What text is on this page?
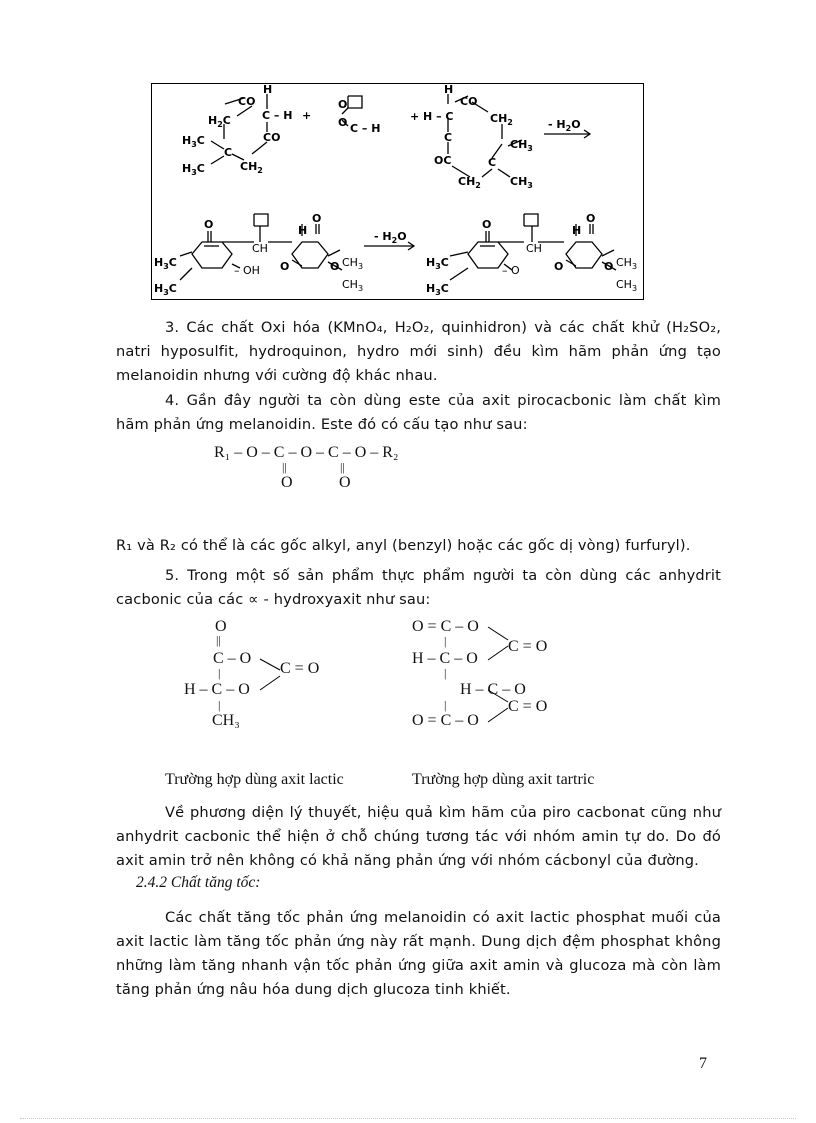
H
CO
$H_2C$	C – H +
CO
$H_3C$
C
$H_3C$	$CH_2$
O
O C – H
H
+ H – C
CO
$CH_2$
C
$CH_3$
OC	C
$CH_2$	$CH_3$
- $H_2O$
O	O
H
CH
– OH O
$H_3C$
$H_3C$
$CH_3$
$CH_3$
- $H_2O$
O	O
H
CH
– O	O
$H_3C$
$H_3C$
$CH_3$
$CH_3$
O	O
3. Các chất Oxi hóa (KMnO₄, H₂O₂, quinhidron) và các chất khử (H₂SO₂, natri hyposulfit, hydroquinon, hydro mới sinh) đều kìm hãm phản ứng tạo melanoidin nhưng với cường độ khác nhau.
4. Gần đây người ta còn dùng este của axit pirocacbonic làm chất kìm hãm phản ứng melanoidin. Este đó có cấu tạo như sau:
R₁ – O – C – O – C – O – R₂
||	||
O	O
R₁ và R₂ có thể là các gốc alkyl, anyl (benzyl) hoặc các gốc dị vòng) furfuryl).
5. Trong một số sản phẩm thực phẩm người ta còn dùng các anhydrit cacbonic của các ∝ - hydroxyaxit như sau:
O
||
C – O
|	C = O
H – C – O
|
CH₃
O = C – O
|	C = O
H – C – O
|
H – C – O
C = O
|
O = C – O
Trường hợp dùng axit lactic	Trường hợp dùng axit tartric
Về phương diện lý thuyết, hiệu quả kìm hãm của piro cacbonat cũng như anhydrit cacbonic thể hiện ở chỗ chúng tương tác với nhóm amin tự do. Do đó axit amin trở nên không có khả năng phản ứng với nhóm cácbonyl của đường.
2.4.2 Chất tăng tốc:
Các chất tăng tốc phản ứng melanoidin có axit lactic phosphat muối của axit lactic làm tăng tốc phản ứng này rất mạnh. Dung dịch đệm phosphat không những làm tăng nhanh vận tốc phản ứng giữa axit amin và glucoza mà còn làm tăng phản ứng nâu hóa dung dịch glucoza tinh khiết.
7
